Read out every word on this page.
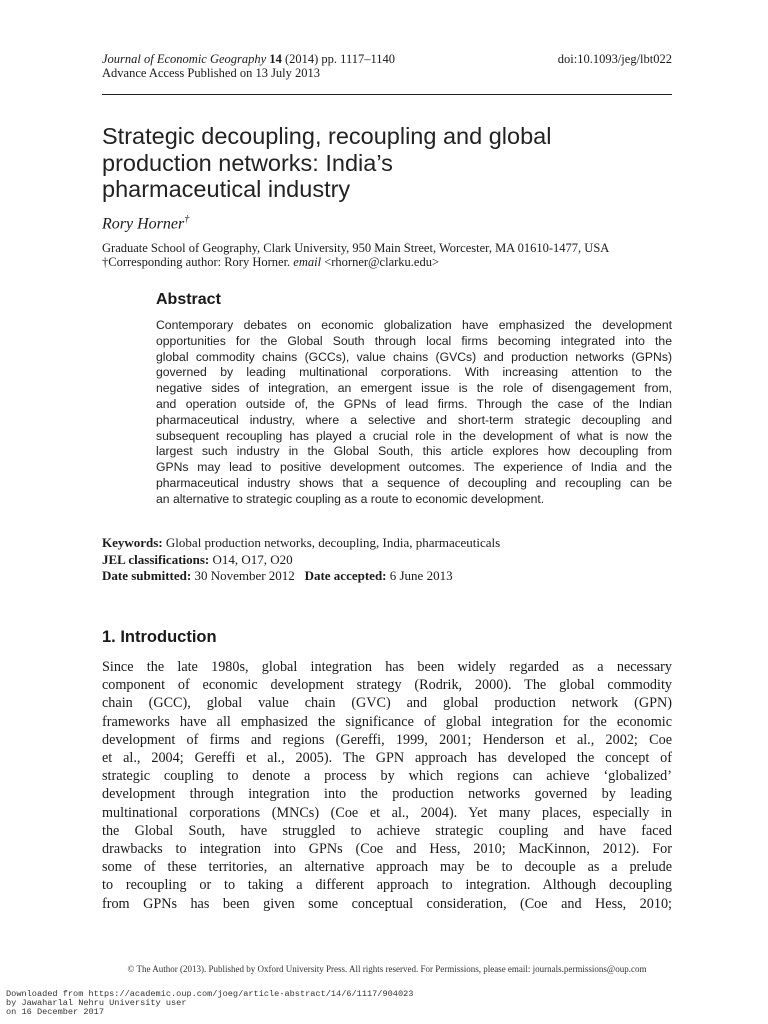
Journal of Economic Geography 14 (2014) pp. 1117–1140
Advance Access Published on 13 July 2013
doi:10.1093/jeg/lbt022
Strategic decoupling, recoupling and global
production networks: India’s
pharmaceutical industry
Rory Horner†
Graduate School of Geography, Clark University, 950 Main Street, Worcester, MA 01610-1477, USA
†Corresponding author: Rory Horner. email <rhorner@clarku.edu>
Abstract
Contemporary debates on economic globalization have emphasized the development
opportunities for the Global South through local firms becoming integrated into the
global commodity chains (GCCs), value chains (GVCs) and production networks (GPNs)
governed by leading multinational corporations. With increasing attention to the
negative sides of integration, an emergent issue is the role of disengagement from,
and operation outside of, the GPNs of lead firms. Through the case of the Indian
pharmaceutical industry, where a selective and short-term strategic decoupling and
subsequent recoupling has played a crucial role in the development of what is now the
largest such industry in the Global South, this article explores how decoupling from
GPNs may lead to positive development outcomes. The experience of India and the
pharmaceutical industry shows that a sequence of decoupling and recoupling can be
an alternative to strategic coupling as a route to economic development.
Keywords: Global production networks, decoupling, India, pharmaceuticals
JEL classifications: O14, O17, O20
Date submitted: 30 November 2012 Date accepted: 6 June 2013
1. Introduction
Since the late 1980s, global integration has been widely regarded as a necessary
component of economic development strategy (Rodrik, 2000). The global commodity
chain (GCC), global value chain (GVC) and global production network (GPN)
frameworks have all emphasized the significance of global integration for the economic
development of firms and regions (Gereffi, 1999, 2001; Henderson et al., 2002; Coe
et al., 2004; Gereffi et al., 2005). The GPN approach has developed the concept of
strategic coupling to denote a process by which regions can achieve ‘globalized’
development through integration into the production networks governed by leading
multinational corporations (MNCs) (Coe et al., 2004). Yet many places, especially in
the Global South, have struggled to achieve strategic coupling and have faced
drawbacks to integration into GPNs (Coe and Hess, 2010; MacKinnon, 2012). For
some of these territories, an alternative approach may be to decouple as a prelude
to recoupling or to taking a different approach to integration. Although decoupling
from GPNs has been given some conceptual consideration, (Coe and Hess, 2010;
© The Author (2013). Published by Oxford University Press. All rights reserved. For Permissions, please email: journals.permissions@oup.com
Downloaded from https://academic.oup.com/joeg/article-abstract/14/6/1117/904023
by Jawaharlal Nehru University user
on 16 December 2017
